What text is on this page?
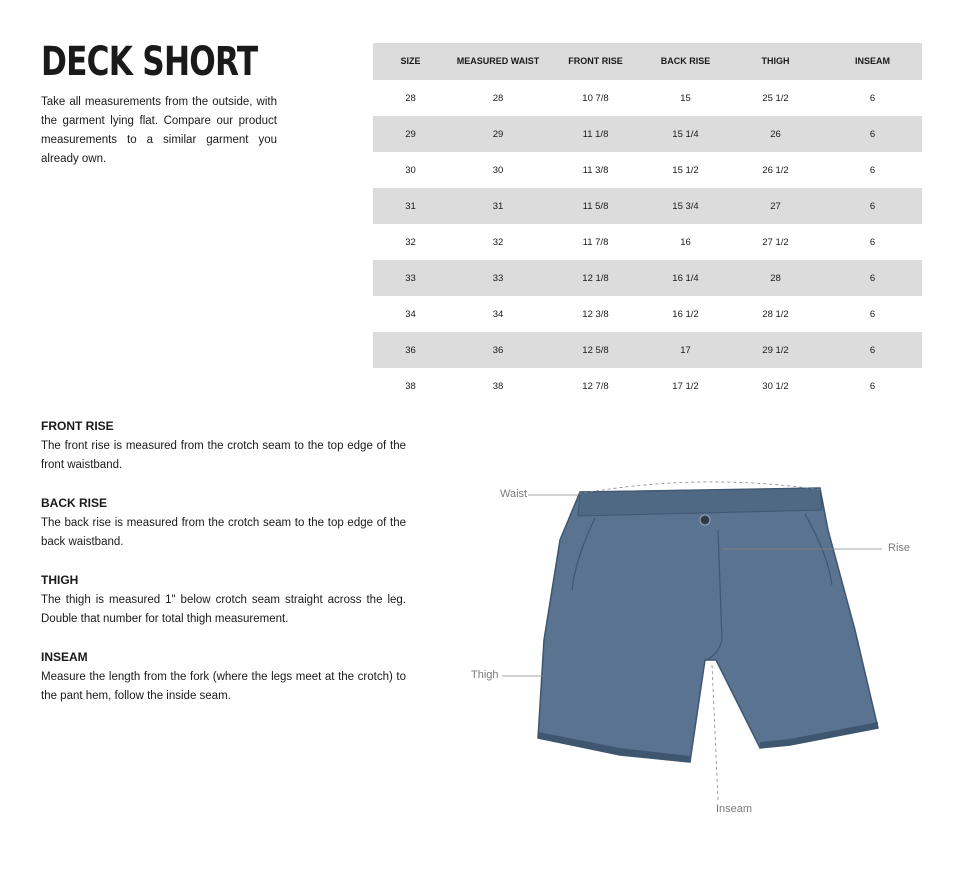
DECK SHORT
Take all measurements from the outside, with the garment lying flat. Compare our product measurements to a similar garment you already own.
SIZE	MEASURED WAIST	FRONT RISE	BACK RISE	THIGH	INSEAM
28	28	10 7/8	15	25 1/2	6
29	29	11 1/8	15 1/4	26	6
30	30	11 3/8	15 1/2	26 1/2	6
31	31	11 5/8	15 3/4	27	6
32	32	11 7/8	16	27 1/2	6
33	33	12 1/8	16 1/4	28	6
34	34	12 3/8	16 1/2	28 1/2	6
36	36	12 5/8	17	29 1/2	6
38	38	12 7/8	17 1/2	30 1/2	6
FRONT RISE

The front rise is measured from the crotch seam to the top edge of the front waistband.

BACK RISE

The back rise is measured from the crotch seam to the top edge of the back waistband.

THIGH

The thigh is measured 1" below crotch seam straight across the leg. Double that number for total thigh measurement.

INSEAM

Measure the length from the fork (where the legs meet at the crotch) to the pant hem, follow the inside seam.

Waist
Rise
Thigh
Inseam
